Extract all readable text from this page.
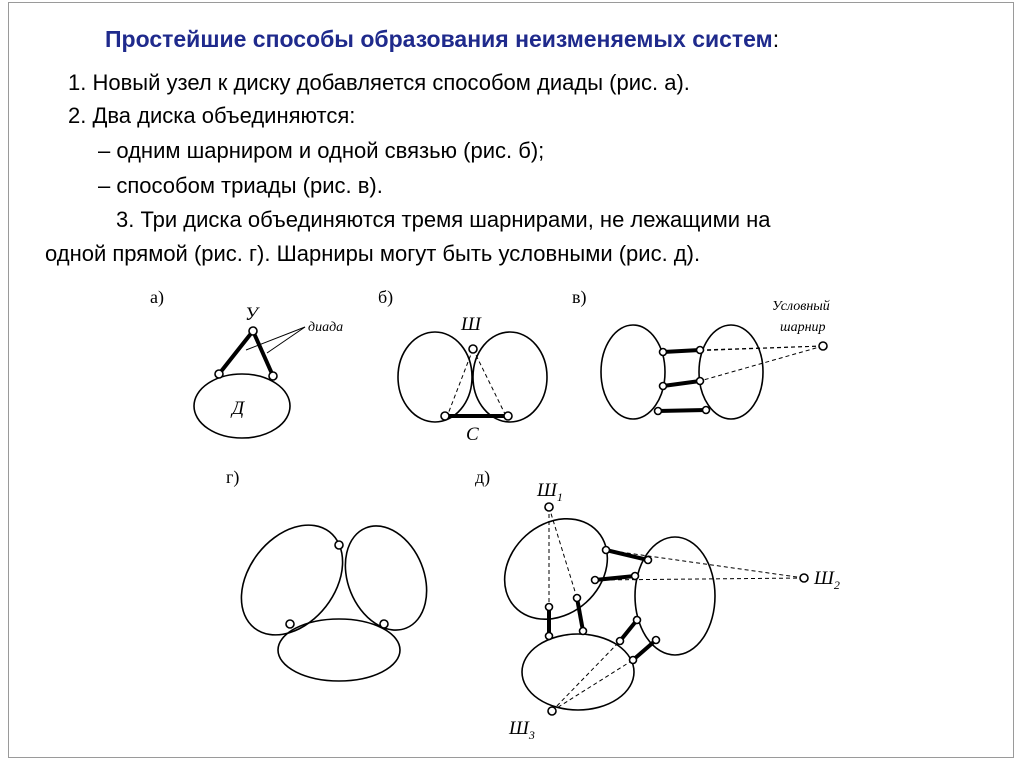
Простейшие способы образования неизменяемых систем:
1. Новый узел к диску добавляется способом диады (рис. а).
2. Два диска объединяются:
– одним шарниром и одной связью (рис. б);
– способом триады (рис. в).
3. Три диска объединяются тремя шарнирами, не лежащими на
одной прямой (рис. г). Шарниры могут быть условными (рис. д).
а)
Д
У
диада
б)
Ш
С
в)	Условный
шарнир
г)	д)
$Ш_1$
$Ш_2$
$Ш_3$
